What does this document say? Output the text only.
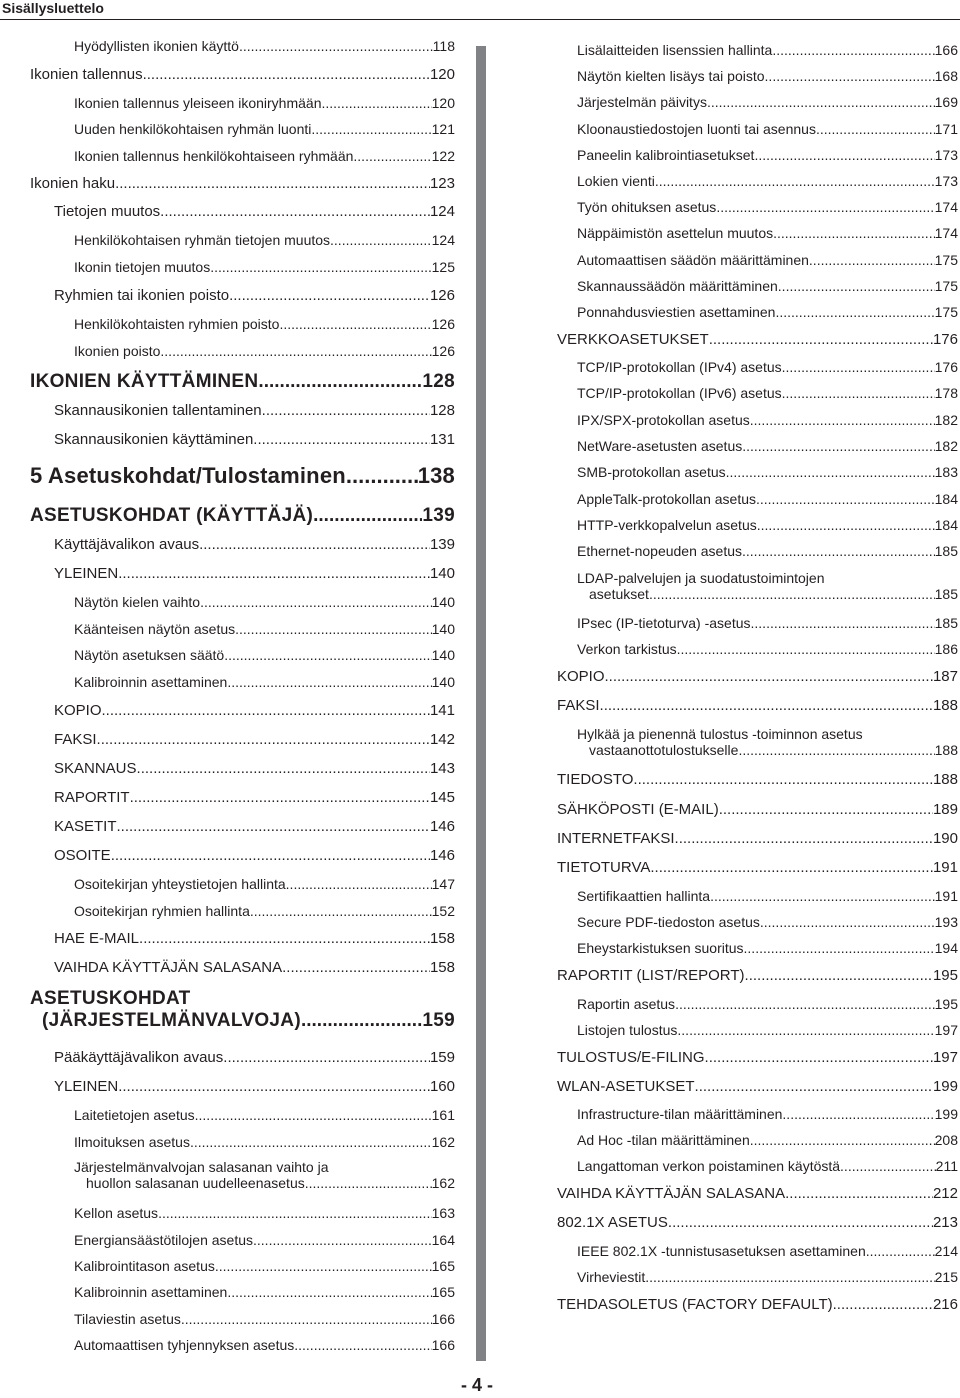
Sisällysluettelo
Hyödyllisten ikonien käyttö .....	118
Ikonien tallennus .....	120
Ikonien tallennus yleiseen ikoniryhmään .....	120
Uuden henkilökohtaisen ryhmän luonti .....	121
Ikonien tallennus henkilökohtaiseen ryhmään .....	122
Ikonien haku .....	123
Tietojen muutos .....	124
Henkilökohtaisen ryhmän tietojen muutos .....	124
Ikonin tietojen muutos .....	125
Ryhmien tai ikonien poisto .....	126
Henkilökohtaisten ryhmien poisto .....	126
Ikonien poisto .....	126
IKONIEN KÄYTTÄMINEN .....	128
Skannausikonien tallentaminen .....	128
Skannausikonien käyttäminen .....	131
5 Asetuskohdat/Tulostaminen .....	138
ASETUSKOHDAT (KÄYTTÄJÄ) .....	139
Käyttäjävalikon avaus .....	139
YLEINEN .....	140
Näytön kielen vaihto .....	140
Käänteisen näytön asetus .....	140
Näytön asetuksen säätö .....	140
Kalibroinnin asettaminen .....	140
KOPIO .....	141
FAKSI .....	142
SKANNAUS .....	143
RAPORTIT .....	145
KASETIT .....	146
OSOITE .....	146
Osoitekirjan yhteystietojen hallinta .....	147
Osoitekirjan ryhmien hallinta .....	152
HAE E-MAIL .....	158
VAIHDA KÄYTTÄJÄN SALASANA .....	158
ASETUSKOHDAT
(JÄRJESTELMÄNVALVOJA) .....	159
Pääkäyttäjävalikon avaus .....	159
YLEINEN .....	160
Laitetietojen asetus .....	161
Ilmoituksen asetus .....	162
Järjestelmänvalvojan salasanan vaihto ja
huollon salasanan uudelleenasetus .....	162
Kellon asetus .....	163
Energiansäästötilojen asetus .....	164
Kalibrointitason asetus .....	165
Kalibroinnin asettaminen .....	165
Tilaviestin asetus .....	166
Automaattisen tyhjennyksen asetus .....	166
Lisälaitteiden lisenssien hallinta .....	166
Näytön kielten lisäys tai poisto .....	168
Järjestelmän päivitys .....	169
Kloonaustiedostojen luonti tai asennus .....	171
Paneelin kalibrointiasetukset .....	173
Lokien vienti .....	173
Työn ohituksen asetus .....	174
Näppäimistön asettelun muutos .....	174
Automaattisen säädön määrittäminen .....	175
Skannaussäädön määrittäminen .....	175
Ponnahdusviestien asettaminen .....	175
VERKKOASETUKSET .....	176
TCP/IP-protokollan (IPv4) asetus .....	176
TCP/IP-protokollan (IPv6) asetus .....	178
IPX/SPX-protokollan asetus .....	182
NetWare-asetusten asetus .....	182
SMB-protokollan asetus .....	183
AppleTalk-protokollan asetus .....	184
HTTP-verkkopalvelun asetus .....	184
Ethernet-nopeuden asetus .....	185
LDAP-palvelujen ja suodatustoimintojen
asetukset .....	185
IPsec (IP-tietoturva) -asetus .....	185
Verkon tarkistus .....	186
KOPIO .....	187
FAKSI .....	188
Hylkää ja pienennä tulostus -toiminnon asetus
vastaanottotulostukselle .....	188
TIEDOSTO .....	188
SÄHKÖPOSTI (E-MAIL) .....	189
INTERNETFAKSI .....	190
TIETOTURVA .....	191
Sertifikaattien hallinta .....	191
Secure PDF-tiedoston asetus .....	193
Eheystarkistuksen suoritus .....	194
RAPORTIT (LIST/REPORT) .....	195
Raportin asetus .....	195
Listojen tulostus .....	197
TULOSTUS/E-FILING .....	197
WLAN-ASETUKSET .....	199
Infrastructure-tilan määrittäminen .....	199
Ad Hoc -tilan määrittäminen .....	208
Langattoman verkon poistaminen käytöstä .....	211
VAIHDA KÄYTTÄJÄN SALASANA .....	212
802.1X ASETUS .....	213
IEEE 802.1X -tunnistusasetuksen asettaminen .....	214
Virheviestit .....	215
TEHDASOLETUS (FACTORY DEFAULT) .....	216
- 4 -
